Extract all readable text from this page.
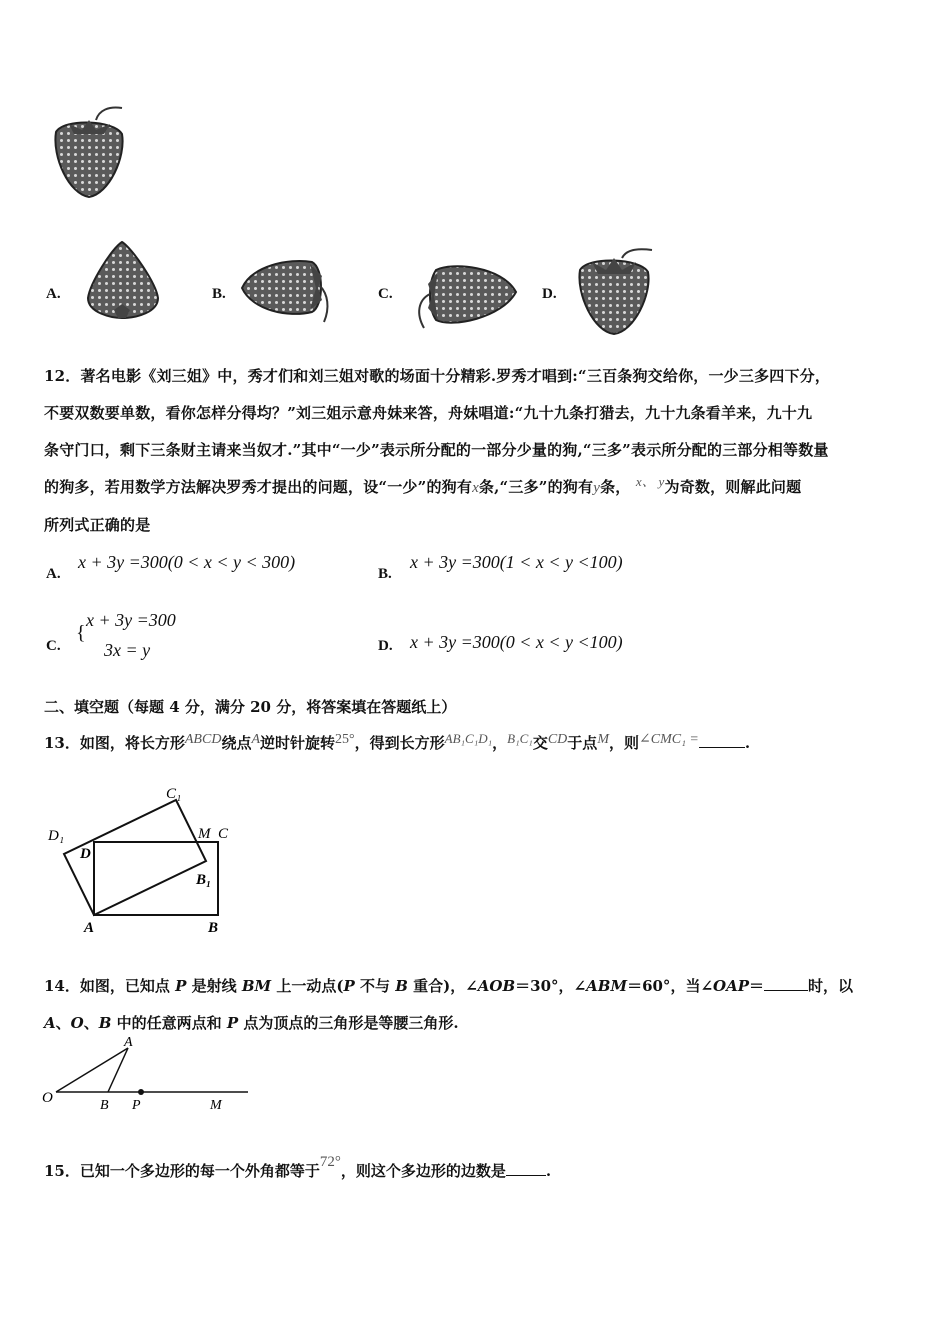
A.	B.	C.	D.
12．著名电影《刘三姐》中，秀才们和刘三姐对歌的场面十分精彩.罗秀才唱到:“三百条狗交给你，一少三多四下分，
不要双数要单数，看你怎样分得均？”刘三姐示意舟妹来答，舟妹唱道:“九十九条打猎去，九十九条看羊来，九十九
条守门口，剩下三条财主请来当奴才.”其中“一少”表示所分配的一部分少量的狗,“三多”表示所分配的三部分相等数量
的狗多，若用数学方法解决罗秀才提出的问题，设“一少”的狗有x条,“三多”的狗有y条， x、 y为奇数，则解此问题
所列式正确的是
A.
x + 3y =300(0 < x < y < 300)
B.
x + 3y =300(1 < x < y <100)
C.
{
x + 3y =300
3x = y	D. x + 3y =300(0 < x < y <100)
二、填空题（每题 4 分，满分 20 分，将答案填在答题纸上）
13．如图，将长方形ABCD绕点A逆时针旋转25°，得到长方形AB₁C₁D₁，B₁C₁交CD于点M，则∠CMC₁ =	.
C₁
D₁
D
M C
B₁
A	B
14．如图，已知点 P 是射线 BM 上一动点(P 不与 B 重合)，∠AOB＝30°，∠ABM＝60°，当∠OAP＝	时，以
A、O、B 中的任意两点和 P 点为顶点的三角形是等腰三角形.
A
O	B P	M
15．已知一个多边形的每一个外角都等于72°，则这个多边形的边数是	.
